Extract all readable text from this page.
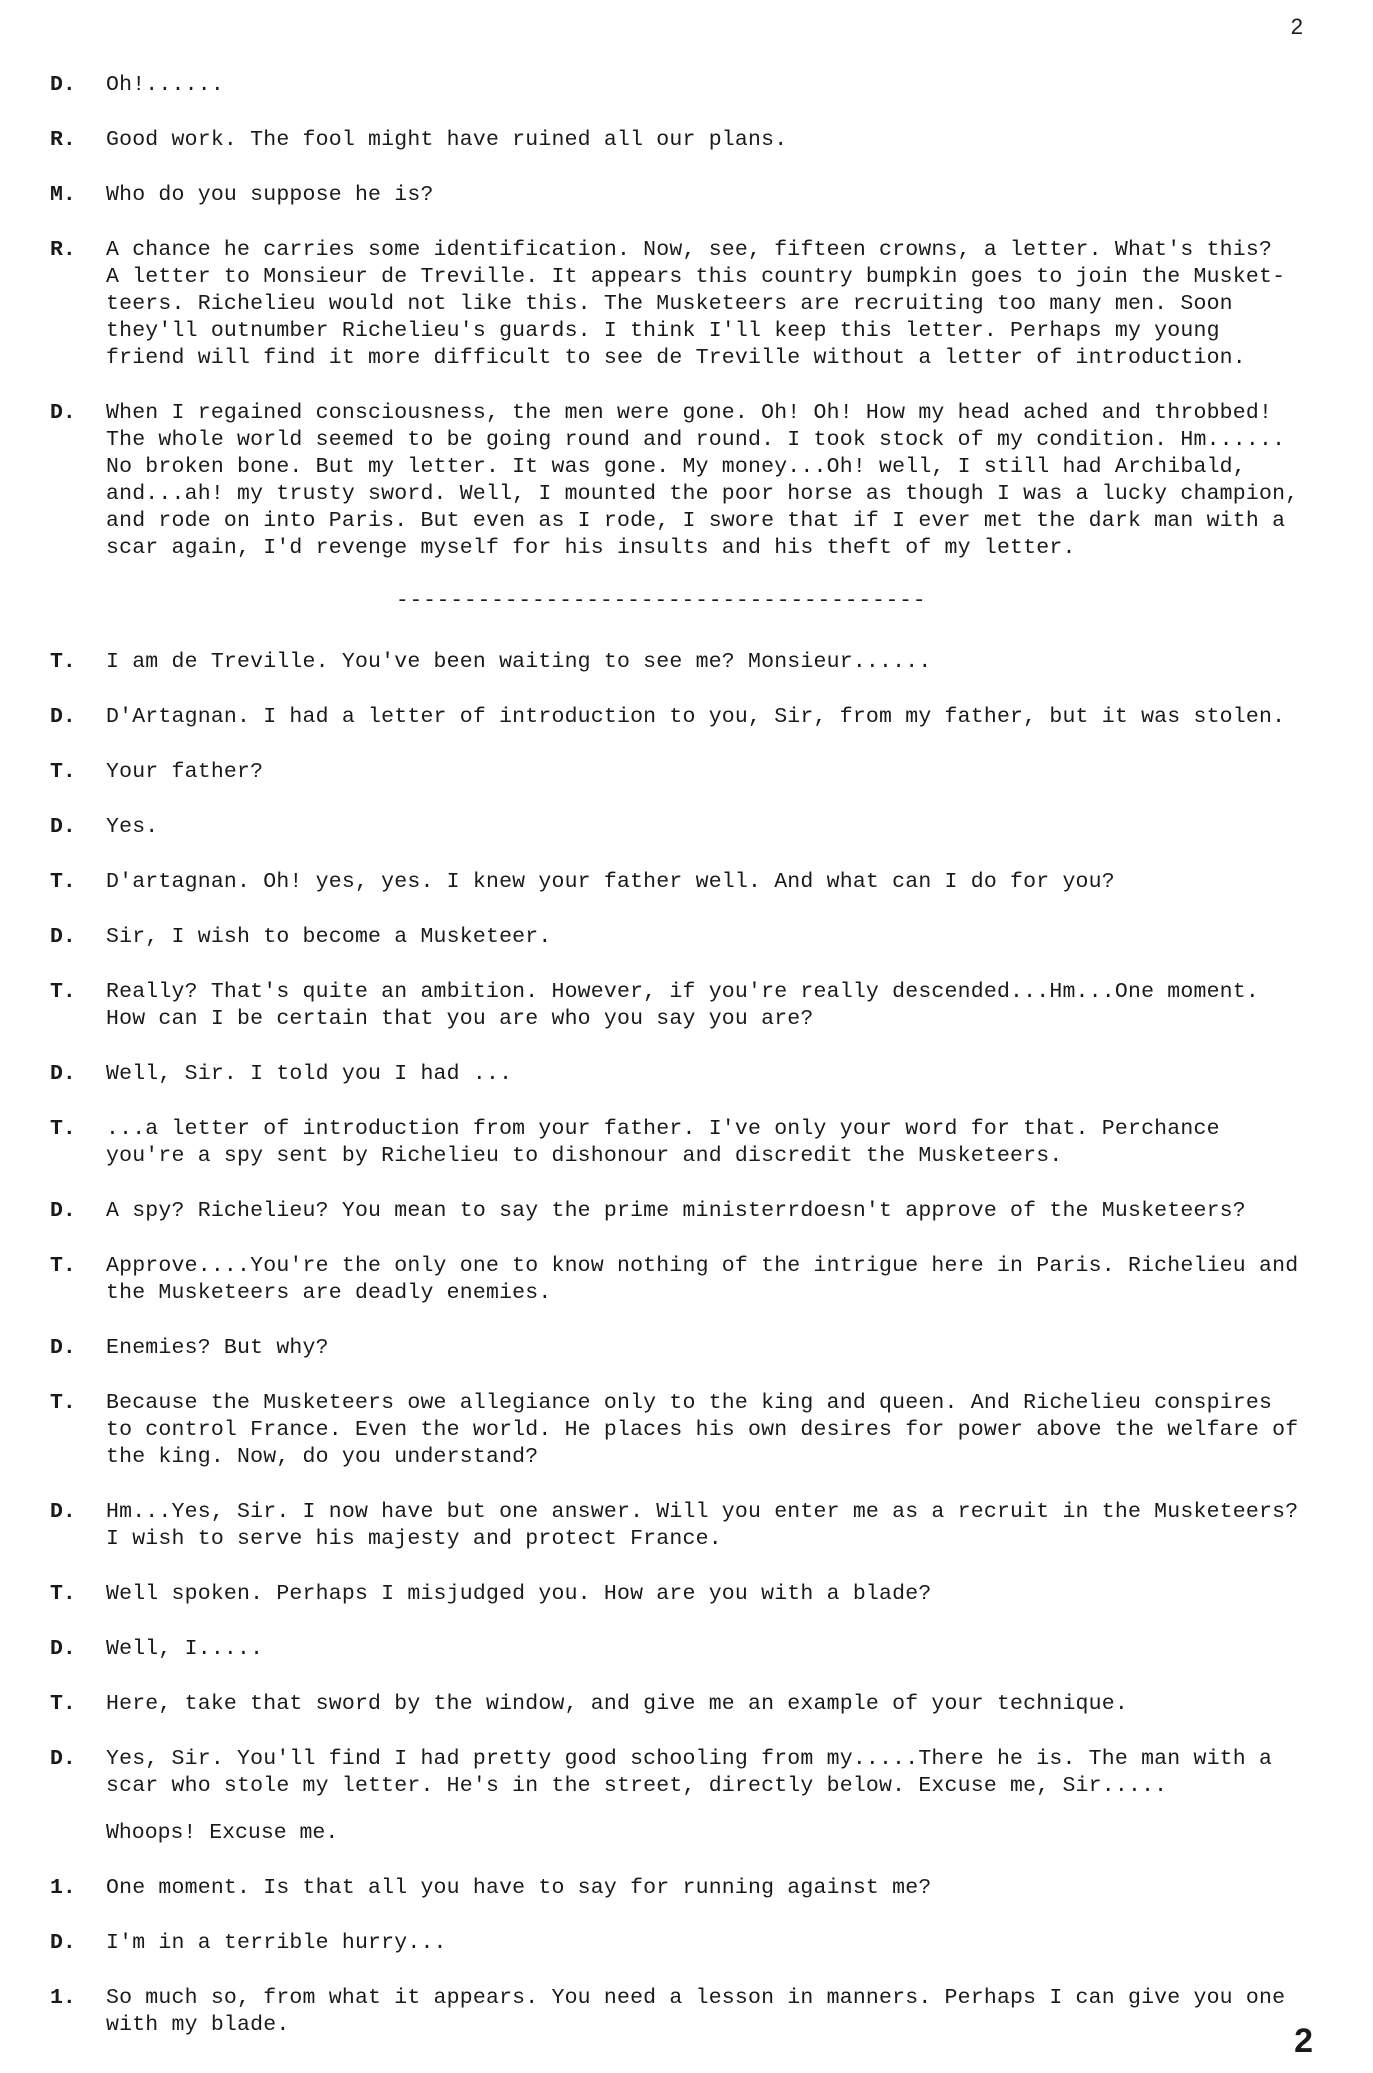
2
D.	Oh!......
R.	Good work. The fool might have ruined all our plans.
M.	Who do you suppose he is?
R.	A chance he carries some identification. Now, see, fifteen crowns, a letter. What's this?
A letter to Monsieur de Treville. It appears this country bumpkin goes to join the Musket-
teers. Richelieu would not like this. The Musketeers are recruiting too many men. Soon
they'll outnumber Richelieu's guards. I think I'll keep this letter. Perhaps my young
friend will find it more difficult to see de Treville without a letter of introduction.
D.	When I regained consciousness, the men were gone. Oh! Oh! How my head ached and throbbed!
The whole world seemed to be going round and round. I took stock of my condition. Hm......
No broken bone. But my letter. It was gone. My money...Oh! well, I still had Archibald,
and...ah! my trusty sword. Well, I mounted the poor horse as though I was a lucky champion,
and rode on into Paris. But even as I rode, I swore that if I ever met the dark man with a
scar again, I'd revenge myself for his insults and his theft of my letter.
---------------------------------------
T.	I am de Treville. You've been waiting to see me? Monsieur......
D.	D'Artagnan. I had a letter of introduction to you, Sir, from my father, but it was stolen.
T.	Your father?
D.	Yes.
T.	D'artagnan. Oh! yes, yes. I knew your father well. And what can I do for you?
D.	Sir, I wish to become a Musketeer.
T.	Really? That's quite an ambition. However, if you're really descended...Hm...One moment.
How can I be certain that you are who you say you are?
D.	Well, Sir. I told you I had ...
T.	...a letter of introduction from your father. I've only your word for that. Perchance
you're a spy sent by Richelieu to dishonour and discredit the Musketeers.
D.	A spy? Richelieu? You mean to say the prime ministerrdoesn't approve of the Musketeers?
T.	Approve....You're the only one to know nothing of the intrigue here in Paris. Richelieu and
the Musketeers are deadly enemies.
D.	Enemies? But why?
T.	Because the Musketeers owe allegiance only to the king and queen. And Richelieu conspires
to control France. Even the world. He places his own desires for power above the welfare of
the king. Now, do you understand?
D.	Hm...Yes, Sir. I now have but one answer. Will you enter me as a recruit in the Musketeers?
I wish to serve his majesty and protect France.
T.	Well spoken. Perhaps I misjudged you. How are you with a blade?
D.	Well, I.....
T.	Here, take that sword by the window, and give me an example of your technique.
D.	Yes, Sir. You'll find I had pretty good schooling from my.....There he is. The man with a
scar who stole my letter. He's in the street, directly below. Excuse me, Sir.....
Whoops! Excuse me.
1.	One moment. Is that all you have to say for running against me?
D.	I'm in a terrible hurry...
1.	So much so, from what it appears. You need a lesson in manners. Perhaps I can give you one
with my blade.	2
